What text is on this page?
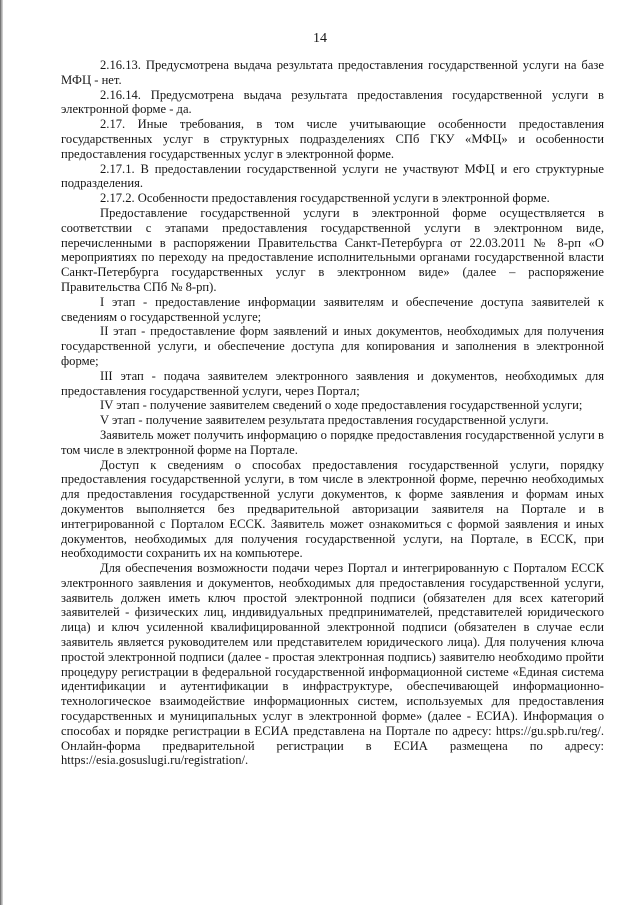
14

2.16.13. Предусмотрена выдача результата предоставления государственной услуги на базе МФЦ - нет.

2.16.14. Предусмотрена выдача результата предоставления государственной услуги в электронной форме - да.

2.17. Иные требования, в том числе учитывающие особенности предоставления государственных услуг в структурных подразделениях СПб ГКУ «МФЦ» и особенности предоставления государственных услуг в электронной форме.

2.17.1. В предоставлении государственной услуги не участвуют МФЦ и его структурные подразделения.

2.17.2. Особенности предоставления государственной услуги в электронной форме.

Предоставление государственной услуги в электронной форме осуществляется в соответствии с этапами предоставления государственной услуги в электронном виде, перечисленными в распоряжении Правительства Санкт-Петербурга от 22.03.2011 № 8-рп «О мероприятиях по переходу на предоставление исполнительными органами государственной власти Санкт-Петербурга государственных услуг в электронном виде» (далее – распоряжение Правительства СПб № 8-рп).

I этап - предоставление информации заявителям и обеспечение доступа заявителей к сведениям о государственной услуге;

II этап - предоставление форм заявлений и иных документов, необходимых для получения государственной услуги, и обеспечение доступа для копирования и заполнения в электронной форме;

III этап - подача заявителем электронного заявления и документов, необходимых для предоставления государственной услуги, через Портал;

IV этап - получение заявителем сведений о ходе предоставления государственной услуги;

V этап - получение заявителем результата предоставления государственной услуги.

Заявитель может получить информацию о порядке предоставления государственной услуги в том числе в электронной форме на Портале.

Доступ к сведениям о способах предоставления государственной услуги, порядку предоставления государственной услуги, в том числе в электронной форме, перечню необходимых для предоставления государственной услуги документов, к форме заявления и формам иных документов выполняется без предварительной авторизации заявителя на Портале и в интегрированной с Порталом ЕССК. Заявитель может ознакомиться с формой заявления и иных документов, необходимых для получения государственной услуги, на Портале, в ЕССК, при необходимости сохранить их на компьютере.

Для обеспечения возможности подачи через Портал и интегрированную с Порталом ЕССК электронного заявления и документов, необходимых для предоставления государственной услуги, заявитель должен иметь ключ простой электронной подписи (обязателен для всех категорий заявителей - физических лиц, индивидуальных предпринимателей, представителей юридического лица) и ключ усиленной квалифицированной электронной подписи (обязателен в случае если заявитель является руководителем или представителем юридического лица). Для получения ключа простой электронной подписи (далее - простая электронная подпись) заявителю необходимо пройти процедуру регистрации в федеральной государственной информационной системе «Единая система идентификации и аутентификации в инфраструктуре, обеспечивающей информационно-технологическое взаимодействие информационных систем, используемых для предоставления государственных и муниципальных услуг в электронной форме» (далее - ЕСИА). Информация о способах и порядке регистрации в ЕСИА представлена на Портале по адресу: https://gu.spb.ru/reg/. Онлайн-форма предварительной регистрации в ЕСИА размещена по адресу: https://esia.gosuslugi.ru/registration/.
